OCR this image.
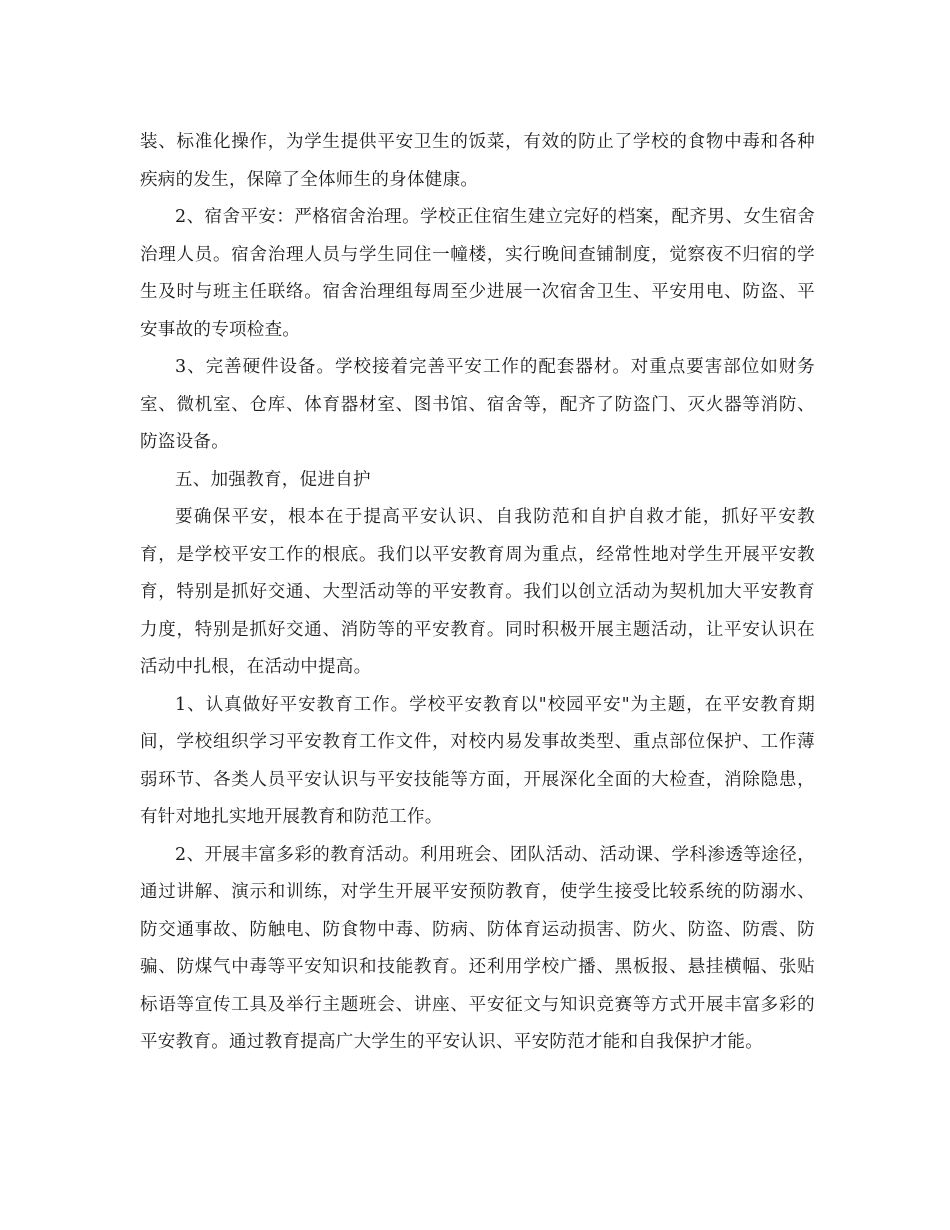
装、标准化操作，为学生提供平安卫生的饭菜，有效的防止了学校的食物中毒和各种疾病的发生，保障了全体师生的身体健康。

2、宿舍平安：严格宿舍治理。学校正住宿生建立完好的档案，配齐男、女生宿舍治理人员。宿舍治理人员与学生同住一幢楼，实行晚间查铺制度，觉察夜不归宿的学生及时与班主任联络。宿舍治理组每周至少进展一次宿舍卫生、平安用电、防盗、平安事故的专项检查。

3、完善硬件设备。学校接着完善平安工作的配套器材。对重点要害部位如财务室、微机室、仓库、体育器材室、图书馆、宿舍等，配齐了防盗门、灭火器等消防、防盗设备。

五、加强教育，促进自护

要确保平安，根本在于提高平安认识、自我防范和自护自救才能，抓好平安教育，是学校平安工作的根底。我们以平安教育周为重点，经常性地对学生开展平安教育，特别是抓好交通、大型活动等的平安教育。我们以创立活动为契机加大平安教育力度，特别是抓好交通、消防等的平安教育。同时积极开展主题活动，让平安认识在活动中扎根，在活动中提高。

1、认真做好平安教育工作。学校平安教育以"校园平安"为主题，在平安教育期间，学校组织学习平安教育工作文件，对校内易发事故类型、重点部位保护、工作薄弱环节、各类人员平安认识与平安技能等方面，开展深化全面的大检查，消除隐患，有针对地扎实地开展教育和防范工作。

2、开展丰富多彩的教育活动。利用班会、团队活动、活动课、学科渗透等途径，通过讲解、演示和训练，对学生开展平安预防教育，使学生接受比较系统的防溺水、防交通事故、防触电、防食物中毒、防病、防体育运动损害、防火、防盗、防震、防骗、防煤气中毒等平安知识和技能教育。还利用学校广播、黑板报、悬挂横幅、张贴标语等宣传工具及举行主题班会、讲座、平安征文与知识竞赛等方式开展丰富多彩的平安教育。通过教育提高广大学生的平安认识、平安防范才能和自我保护才能。
